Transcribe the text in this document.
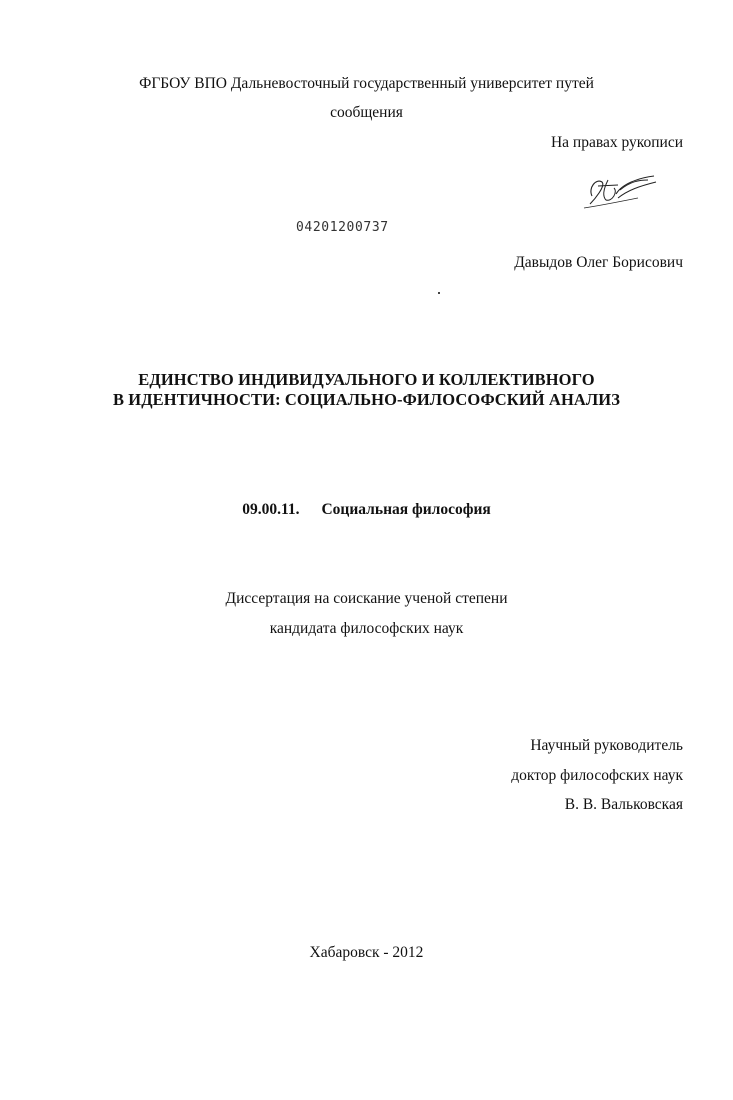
ФГБОУ ВПО Дальневосточный государственный университет путей
сообщения
На правах рукописи
04201200737
Давыдов Олег Борисович
ЕДИНСТВО ИНДИВИДУАЛЬНОГО И КОЛЛЕКТИВНОГО
В ИДЕНТИЧНОСТИ: СОЦИАЛЬНО-ФИЛОСОФСКИЙ АНАЛИЗ
09.00.11. Социальная философия
Диссертация на соискание ученой степени
кандидата философских наук
Научный руководитель
доктор философских наук
В. В. Вальковская
Хабаровск - 2012
